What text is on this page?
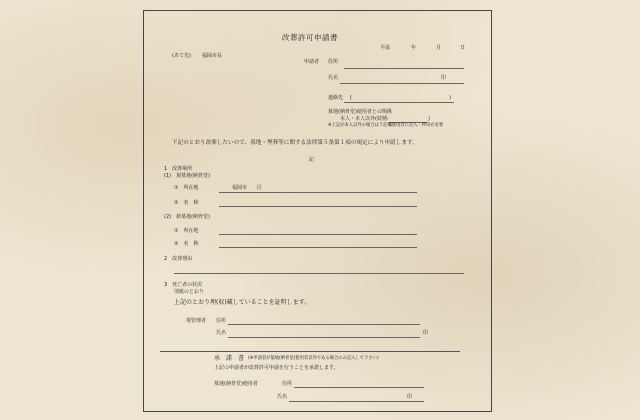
改葬許可申請書
平成	年	月	日
(あて先) 福岡市長
申請者 住所
氏名	印
連絡先 (	)
墓地(納骨堂)使用者との関係
本人・本人以外(続柄:	)
※上記が本人以外の場合は下記欄使用者に記入・押印が必要
下記のとおり改葬したいので、墓地・埋葬等に関する法律第５条第１項の規定により申請します。
記
1　改葬場所
(1)　現墓地(納骨堂)
①　所在地	福岡市　　区
②　名　称
(2)　新墓地(納骨堂)
①　所在地
②　名　称
2　改葬理由
3　死亡者の状況
別紙のとおり
上記のとおり埋(収)蔵していることを証明します。
現管理者 住所
氏名	印
承　諾　書 (※申請者が墓地(納骨堂)使用者以外である場合のみ記入して下さい)
上記の申請者が改葬許可申請を行うことを承諾します。
墓地(納骨堂)使用者	住所
氏名	印
